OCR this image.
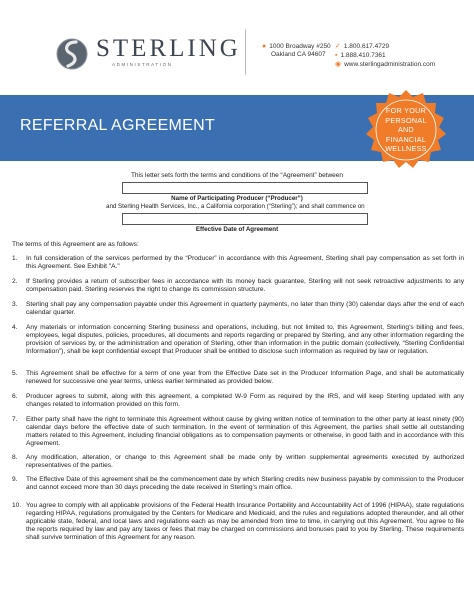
STERLING
ADMINISTRATION
● 1000 Broadway #250
Oakland CA 94607
✓ 1.800.617.4729
▪ 1.888.410.7361
◉ www.sterlingadministration.com
REFERRAL AGREEMENT
FOR YOUR
PERSONAL
AND
FINANCIAL
WELLNESS
This letter sets forth the terms and conditions of the “Agreement” between
Name of Participating Producer (“Producer”)
and Sterling Health Services, Inc., a California corporation (“Sterling”); and shall commence on
Effective Date of Agreement
The terms of this Agreement are as follows:
1. In full consideration of the services performed by the “Producer” in accordance with this Agreement, Sterling shall pay compensation as set forth in this Agreement. See Exhibit "A."
2. If Sterling provides a return of subscriber fees in accordance with its money back guarantee, Sterling will not seek retroactive adjustments to any compensation paid. Sterling reserves the right to change its commission structure.
3. Sterling shall pay any compensation payable under this Agreement in quarterly payments, no later than thirty (30) calendar days after the end of each calendar quarter.
4. Any materials or information concerning Sterling business and operations, including, but not limited to, this Agreement, Sterling’s billing and fees, employees, legal disputes, policies, procedures, all documents and reports regarding or prepared by Sterling, and any other information regarding the provision of services by, or the administration and operation of Sterling, other than information in the public domain (collectively, “Sterling Confidential Information”), shall be kept confidential except that Producer shall be entitled to disclose such information as required by law or regulation.
5. This Agreement shall be effective for a term of one year from the Effective Date set in the Producer Information Page, and shall be automatically renewed for successive one year terms, unless earlier terminated as provided below.
6. Producer agrees to submit, along with this agreement, a completed W-9 Form as required by the IRS, and will keep Sterling updated with any changes related to information provided on this form.
7. Either party shall have the right to terminate this Agreement without cause by giving written notice of termination to the other party at least ninety (90) calendar days before the effective date of such termination. In the event of termination of this Agreement, the parties shall settle all outstanding matters related to this Agreement, including financial obligations as to compensation payments or otherwise, in good faith and in accordance with this Agreement.
8. Any modification, alteration, or change to this Agreement shall be made only by written supplemental agreements executed by authorized representatives of the parties.
9. The Effective Date of this agreement shall be the commencement date by which Sterling credits new business payable by commission to the Producer and cannot exceed more than 30 days preceding the date received in Sterling’s main office.
10. You agree to comply with all applicable provisions of the Federal Health Insurance Portability and Accountability Act of 1996 (HIPAA), state regulations regarding HIPAA, regulations promulgated by the Centers for Medicare and Medicaid, and the rules and regulations adopted thereunder, and all other applicable state, federal, and local laws and regulations each as may be amended from time to time, in carrying out this Agreement. You agree to file the reports required by law and pay any taxes or fees that may be charged on commissions and bonuses paid to you by Sterling. These requirements shall survive termination of this Agreement for any reason.
